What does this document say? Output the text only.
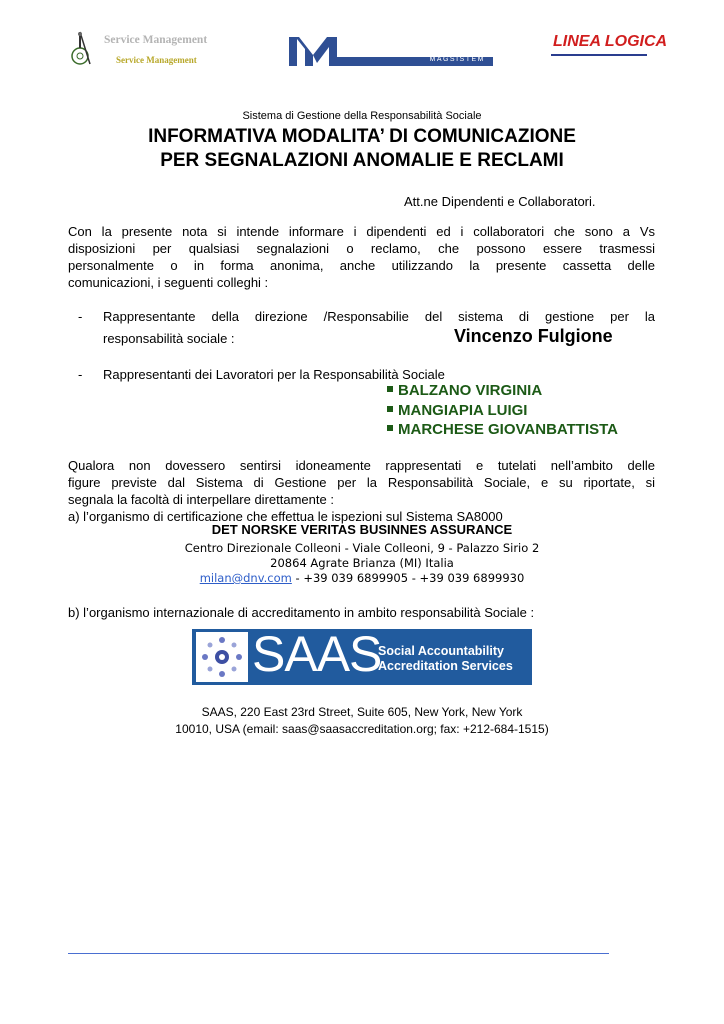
Service Management
Service Management	MAGSISTEM
LINEA LOGICA
Sistema di Gestione della Responsabilità Sociale
INFORMATIVA MODALITA’ DI COMUNICAZIONE
PER SEGNALAZIONI ANOMALIE E RECLAMI
Att.ne Dipendenti e Collaboratori.
Con la presente nota si intende informare i dipendenti ed i collaboratori che sono a Vs
disposizioni per qualsiasi segnalazioni o reclamo, che possono essere trasmessi
personalmente o in forma anonima, anche utilizzando la presente cassetta delle
comunicazioni, i seguenti colleghi :
- Rappresentante della direzione /Responsabilie del sistema di gestione per la
responsabilità sociale :	Vincenzo Fulgione
- Rappresentanti dei Lavoratori per la Responsabilità Sociale
BALZANO VIRGINIA
MANGIAPIA LUIGI
MARCHESE GIOVANBATTISTA
Qualora non dovessero sentirsi idoneamente rappresentati e tutelati nell’ambito delle
figure previste dal Sistema di Gestione per la Responsabilità Sociale, e su riportate, si
segnala la facoltà di interpellare direttamente :
a) l’organismo di certificazione che effettua le ispezioni sul Sistema SA8000
DET NORSKE VERITAS BUSINNES ASSURANCE
Centro Direzionale Colleoni - Viale Colleoni, 9 - Palazzo Sirio 2
20864 Agrate Brianza (MI) Italia
milan@dnv.com - +39 039 6899905 - +39 039 6899930
b) l’organismo internazionale di accreditamento in ambito responsabilità Sociale :
SAAS
Social Accountability
Accreditation Services
SAAS, 220 East 23rd Street, Suite 605, New York, New York
10010, USA (email: saas@saasaccreditation.org; fax: +212-684-1515)
